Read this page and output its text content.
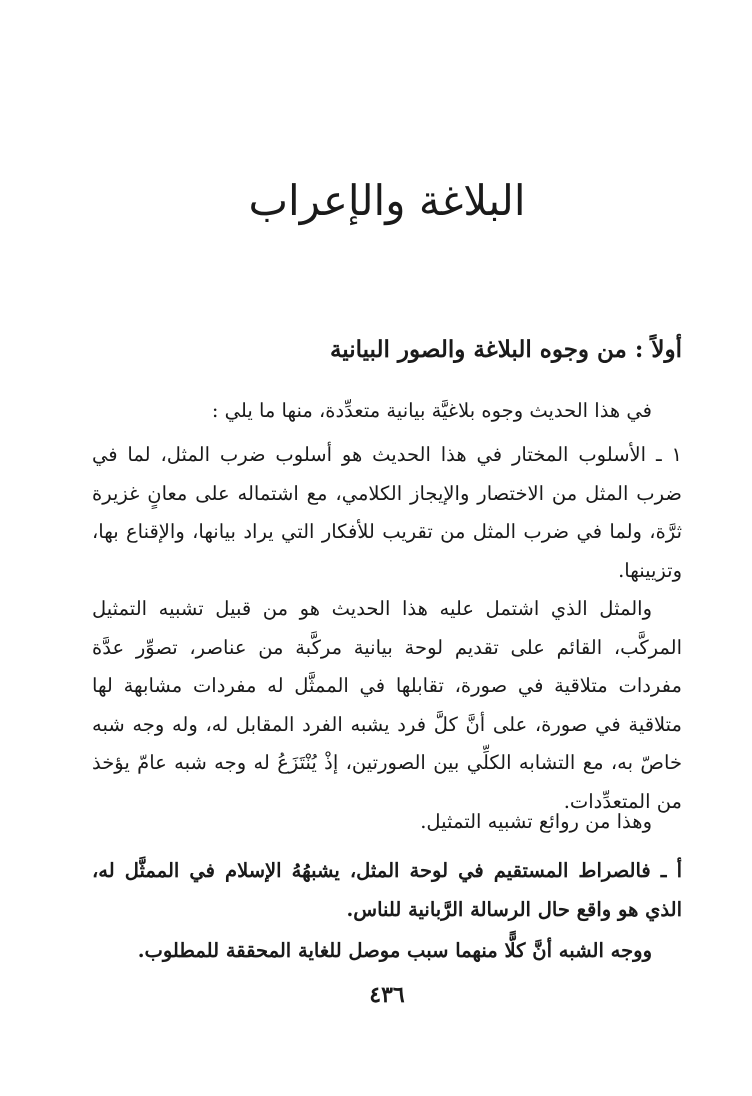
البلاغة والإعراب
أولاً : من وجوه البلاغة والصور البيانية
في هذا الحديث وجوه بلاغيَّة بيانية متعدِّدة، منها ما يلي :
١ ـ الأسلوب المختار في هذا الحديث هو أسلوب ضرب المثل، لما في ضرب المثل من الاختصار والإيجاز الكلامي، مع اشتماله على معانٍ غزيرة ثرَّة، ولما في ضرب المثل من تقريب للأفكار التي يراد بيانها، والإقناع بها، وتزيينها.
والمثل الذي اشتمل عليه هذا الحديث هو من قبيل تشبيه التمثيل المركَّب، القائم على تقديم لوحة بيانية مركَّبة من عناصر، تصوِّر عدَّة مفردات متلاقية في صورة، تقابلها في الممثَّل له مفردات مشابهة لها متلاقية في صورة، على أنَّ كلَّ فرد يشبه الفرد المقابل له، وله وجه شبه خاصّ به، مع التشابه الكلِّي بين الصورتين، إذْ يُنْتَزَعُ له وجه شبه عامّ يؤخذ من المتعدِّدات.
وهذا من روائع تشبيه التمثيل.
أ ـ فالصراط المستقيم في لوحة المثل، يشبهُهُ الإسلام في الممثَّل له، الذي هو واقع حال الرسالة الرَّبانية للناس.
ووجه الشبه أنَّ كلًّا منهما سبب موصل للغاية المحققة للمطلوب.
٤٣٦
